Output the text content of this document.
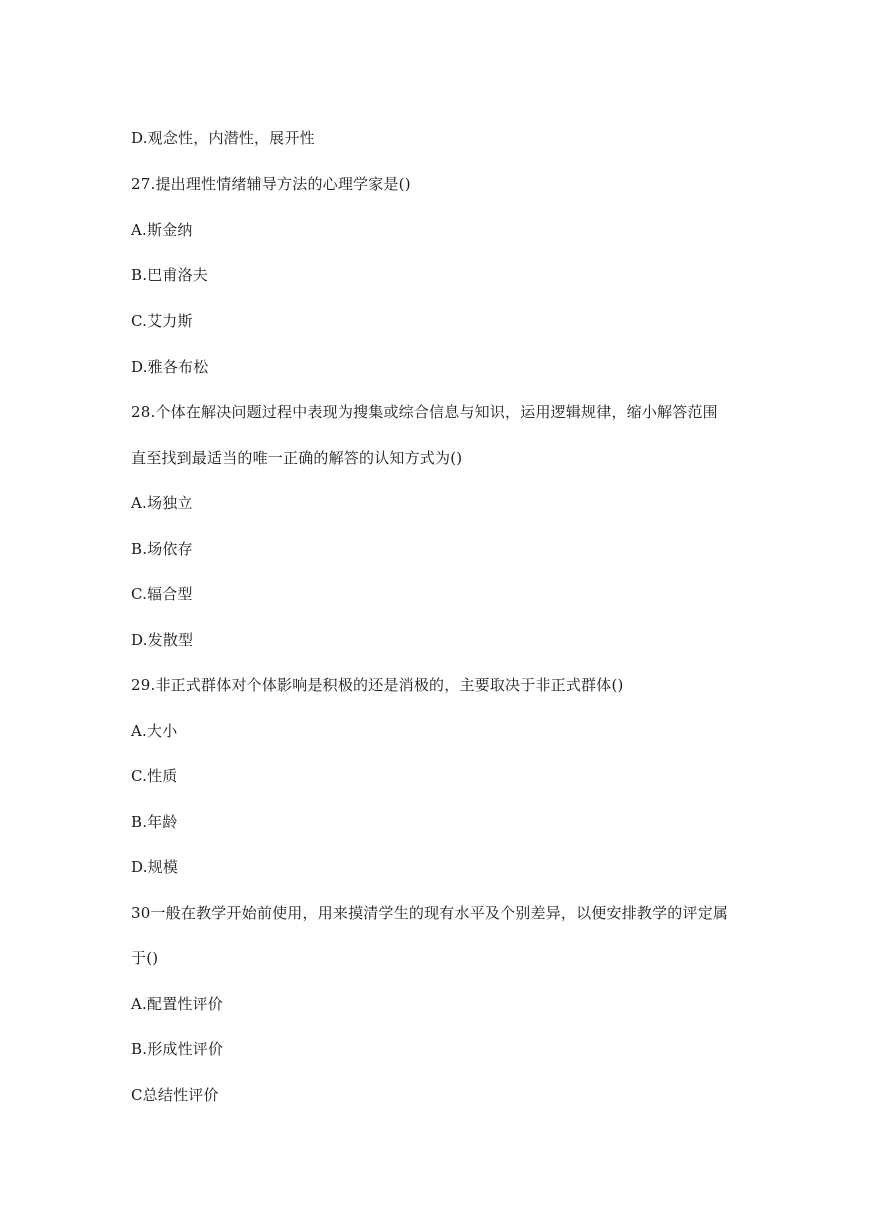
D.观念性，内潜性，展开性
27.提出理性情绪辅导方法的心理学家是()
A.斯金纳
B.巴甫洛夫
C.艾力斯
D.雅各布松
28.个体在解决问题过程中表现为搜集或综合信息与知识，运用逻辑规律，缩小解答范围
直至找到最适当的唯一正确的解答的认知方式为()
A.场独立
B.场依存
C.辐合型
D.发散型
29.非正式群体对个体影响是积极的还是消极的，主要取决于非正式群体()
A.大小
C.性质
B.年龄
D.规模
30一般在教学开始前使用，用来摸清学生的现有水平及个别差异，以便安排教学的评定属
于()
A.配置性评价
B.形成性评价
C总结性评价
